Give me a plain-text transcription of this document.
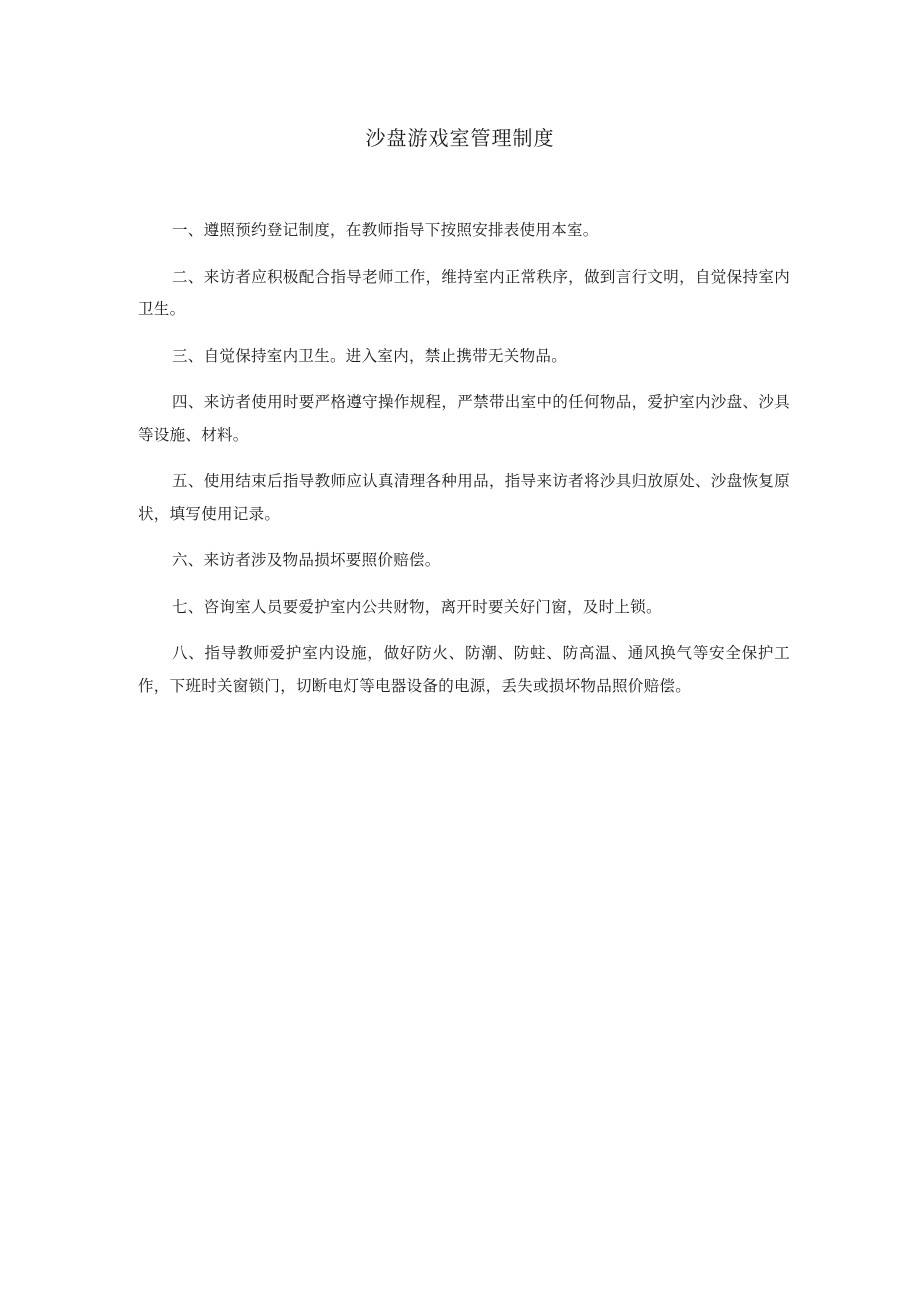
沙盘游戏室管理制度

一、遵照预约登记制度，在教师指导下按照安排表使用本室。

二、来访者应积极配合指导老师工作，维持室内正常秩序，做到言行文明，自觉保持室内卫生。

三、自觉保持室内卫生。进入室内，禁止携带无关物品。

四、来访者使用时要严格遵守操作规程，严禁带出室中的任何物品，爱护室内沙盘、沙具等设施、材料。

五、使用结束后指导教师应认真清理各种用品，指导来访者将沙具归放原处、沙盘恢复原状，填写使用记录。

六、来访者涉及物品损坏要照价赔偿。

七、咨询室人员要爱护室内公共财物，离开时要关好门窗，及时上锁。

八、指导教师爱护室内设施，做好防火、防潮、防蛀、防高温、通风换气等安全保护工作，下班时关窗锁门，切断电灯等电器设备的电源，丢失或损坏物品照价赔偿。
